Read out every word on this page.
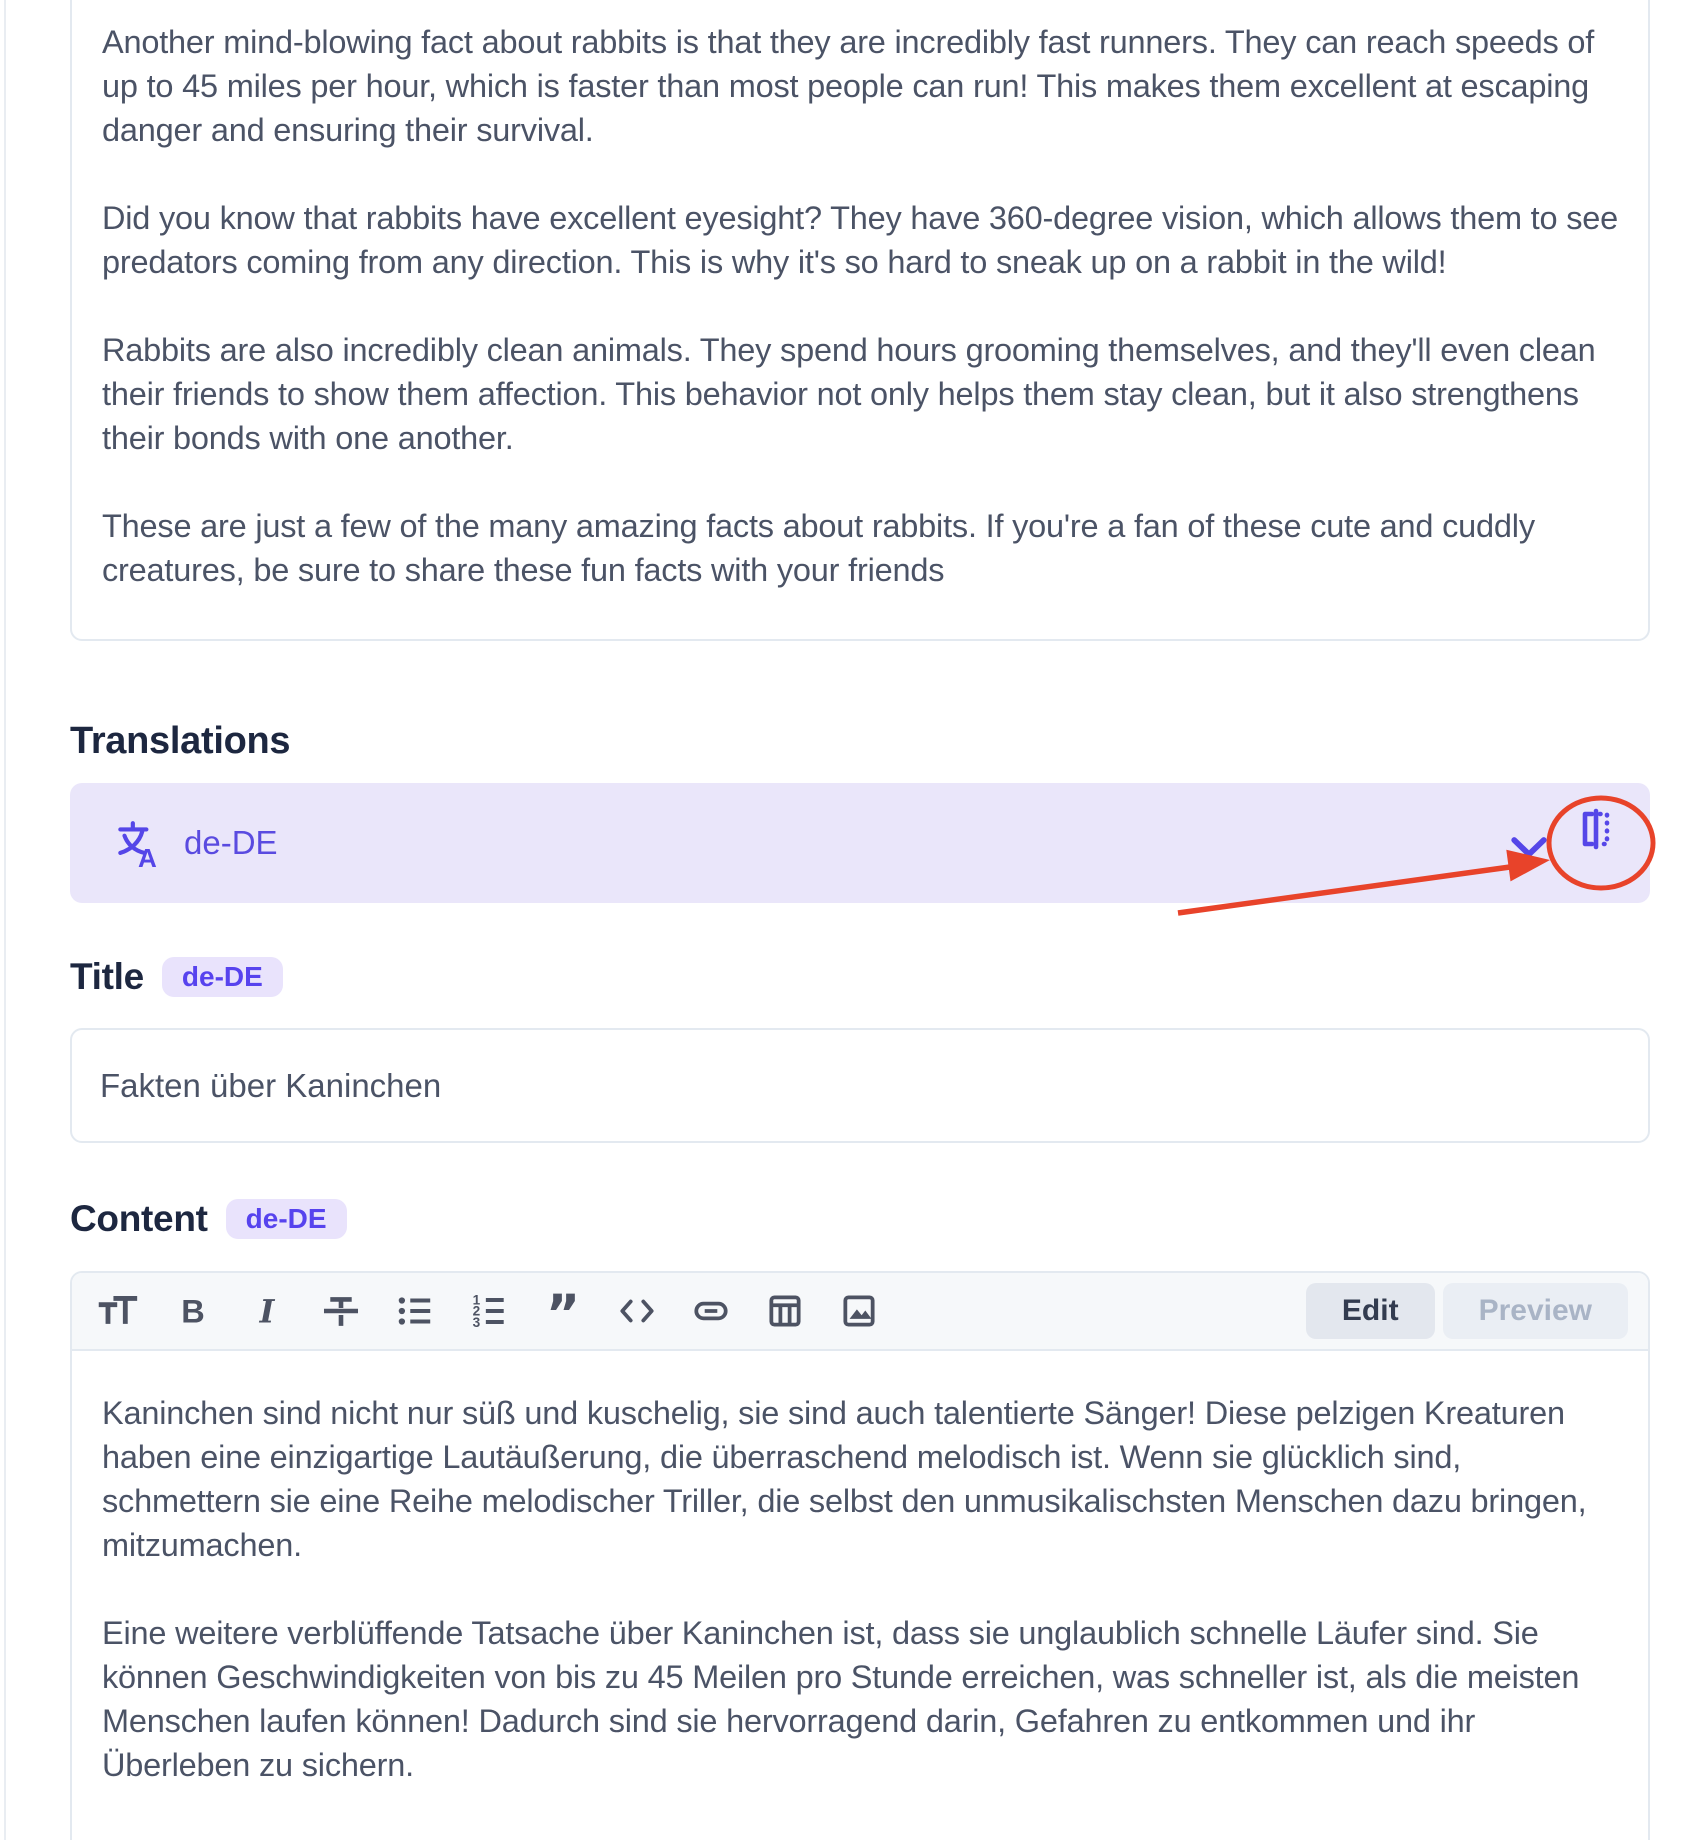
Another mind-blowing fact about rabbits is that they are incredibly fast runners. They can reach speeds of up to 45 miles per hour, which is faster than most people can run! This makes them excellent at escaping danger and ensuring their survival.

Did you know that rabbits have excellent eyesight? They have 360-degree vision, which allows them to see predators coming from any direction. This is why it's so hard to sneak up on a rabbit in the wild!

Rabbits are also incredibly clean animals. They spend hours grooming themselves, and they'll even clean their friends to show them affection. This behavior not only helps them stay clean, but it also strengthens their bonds with one another.

These are just a few of the many amazing facts about rabbits. If you're a fan of these cute and cuddly creatures, be sure to share these fun facts with your friends

Translations
A de-DE
Title	de-DE
Fakten über Kaninchen
Content	de-DE
B I	1
2
3 ”	Edit	Preview

Kaninchen sind nicht nur süß und kuschelig, sie sind auch talentierte Sänger! Diese pelzigen Kreaturen haben eine einzigartige Lautäußerung, die überraschend melodisch ist. Wenn sie glücklich sind, schmettern sie eine Reihe melodischer Triller, die selbst den unmusikalischsten Menschen dazu bringen, mitzumachen.

Eine weitere verblüffende Tatsache über Kaninchen ist, dass sie unglaublich schnelle Läufer sind. Sie können Geschwindigkeiten von bis zu 45 Meilen pro Stunde erreichen, was schneller ist, als die meisten Menschen laufen können! Dadurch sind sie hervorragend darin, Gefahren zu entkommen und ihr Überleben zu sichern.
